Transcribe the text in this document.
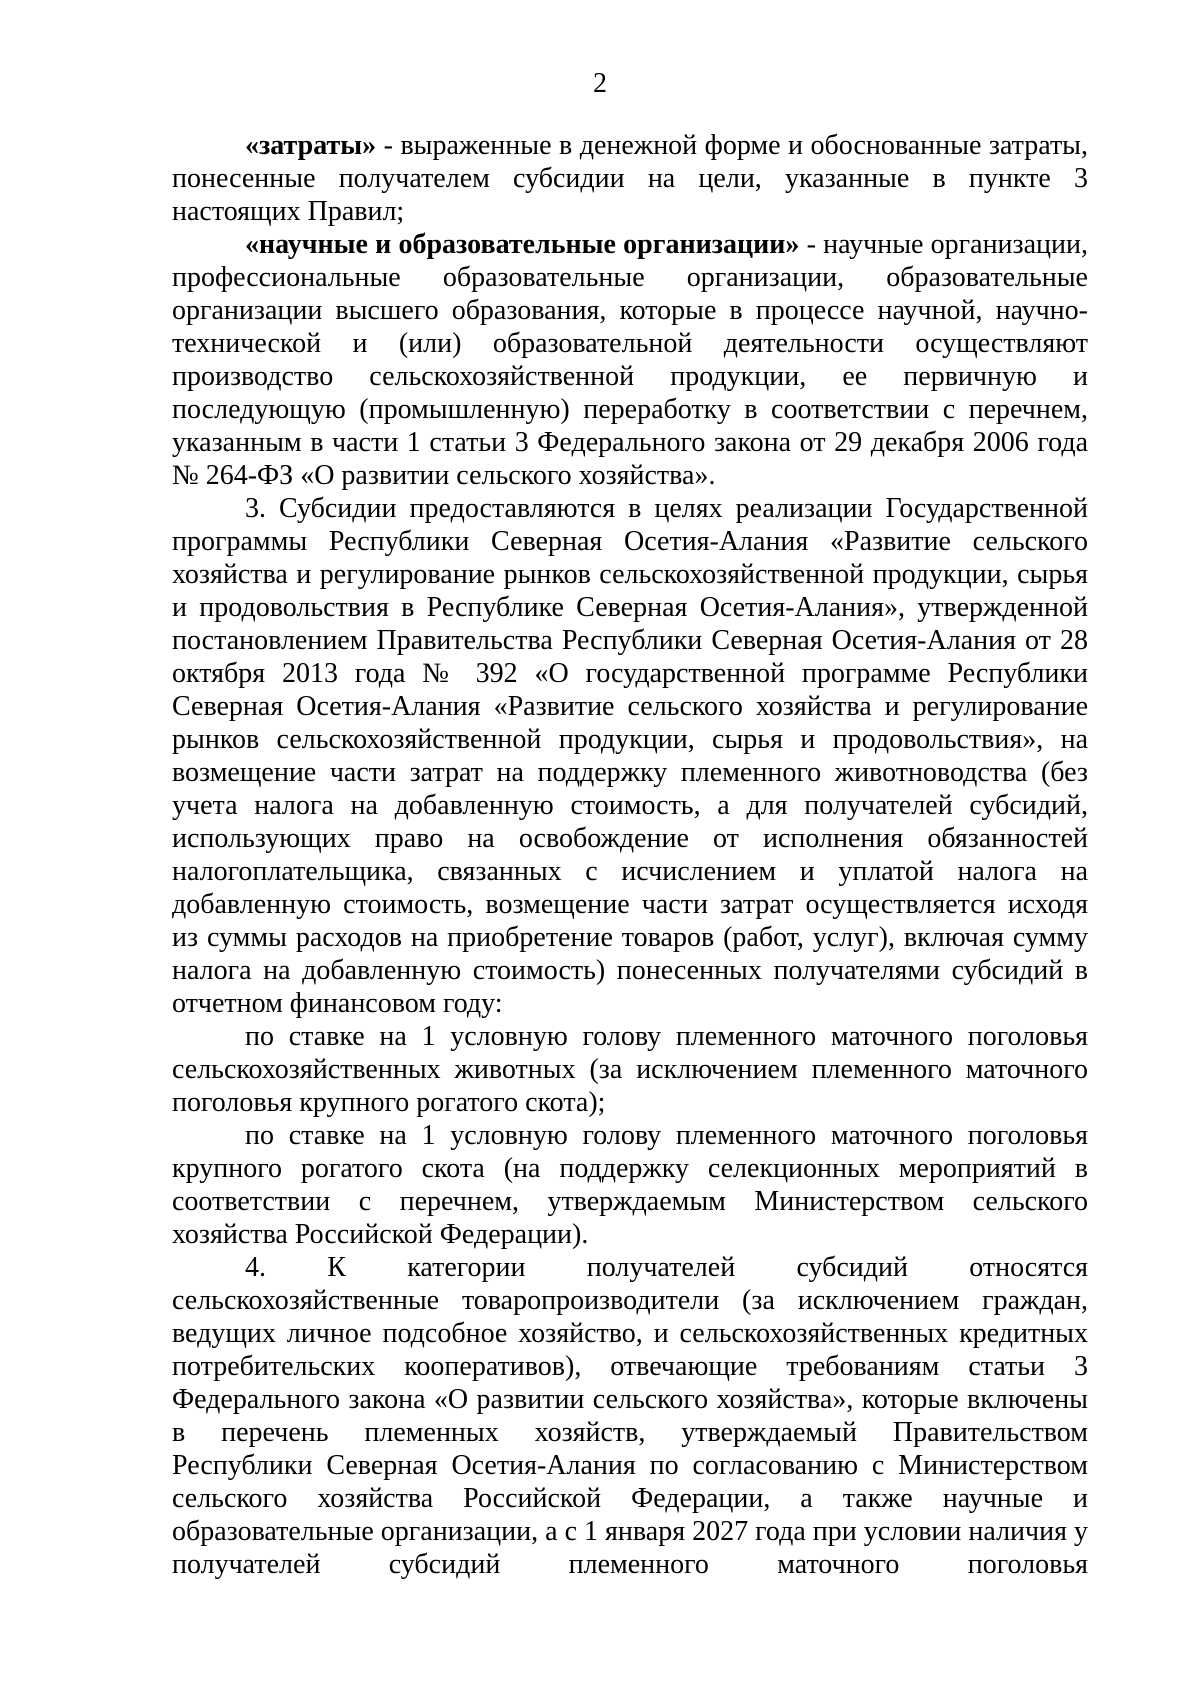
2

«затраты» - выраженные в денежной форме и обоснованные затраты, понесенные получателем субсидии на цели, указанные в пункте 3 настоящих Правил;

«научные и образовательные организации» - научные организации, профессиональные образовательные организации, образовательные организации высшего образования, которые в процессе научной, научно-технической и (или) образовательной деятельности осуществляют производство сельскохозяйственной продукции, ее первичную и последующую (промышленную) переработку в соответствии с перечнем, указанным в части 1 статьи 3 Федерального закона от 29 декабря 2006 года № 264-ФЗ «О развитии сельского хозяйства».

3. Субсидии предоставляются в целях реализации Государственной программы Республики Северная Осетия-Алания «Развитие сельского хозяйства и регулирование рынков сельскохозяйственной продукции, сырья и продовольствия в Республике Северная Осетия-Алания», утвержденной постановлением Правительства Республики Северная Осетия-Алания от 28 октября 2013 года № 392 «О государственной программе Республики Северная Осетия-Алания «Развитие сельского хозяйства и регулирование рынков сельскохозяйственной продукции, сырья и продовольствия», на возмещение части затрат на поддержку племенного животноводства (без учета налога на добавленную стоимость, а для получателей субсидий, использующих право на освобождение от исполнения обязанностей налогоплательщика, связанных с исчислением и уплатой налога на добавленную стоимость, возмещение части затрат осуществляется исходя из суммы расходов на приобретение товаров (работ, услуг), включая сумму налога на добавленную стоимость) понесенных получателями субсидий в отчетном финансовом году:

по ставке на 1 условную голову племенного маточного поголовья сельскохозяйственных животных (за исключением племенного маточного поголовья крупного рогатого скота);

по ставке на 1 условную голову племенного маточного поголовья крупного рогатого скота (на поддержку селекционных мероприятий в соответствии с перечнем, утверждаемым Министерством сельского хозяйства Российской Федерации).

4. К категории получателей субсидий относятся сельскохозяйственные товаропроизводители (за исключением граждан, ведущих личное подсобное хозяйство, и сельскохозяйственных кредитных потребительских кооперативов), отвечающие требованиям статьи 3 Федерального закона «О развитии сельского хозяйства», которые включены в перечень племенных хозяйств, утверждаемый Правительством Республики Северная Осетия-Алания по согласованию с Министерством сельского хозяйства Российской Федерации, а также научные и образовательные организации, а с 1 января 2027 года при условии наличия у получателей субсидий племенного маточного поголовья
